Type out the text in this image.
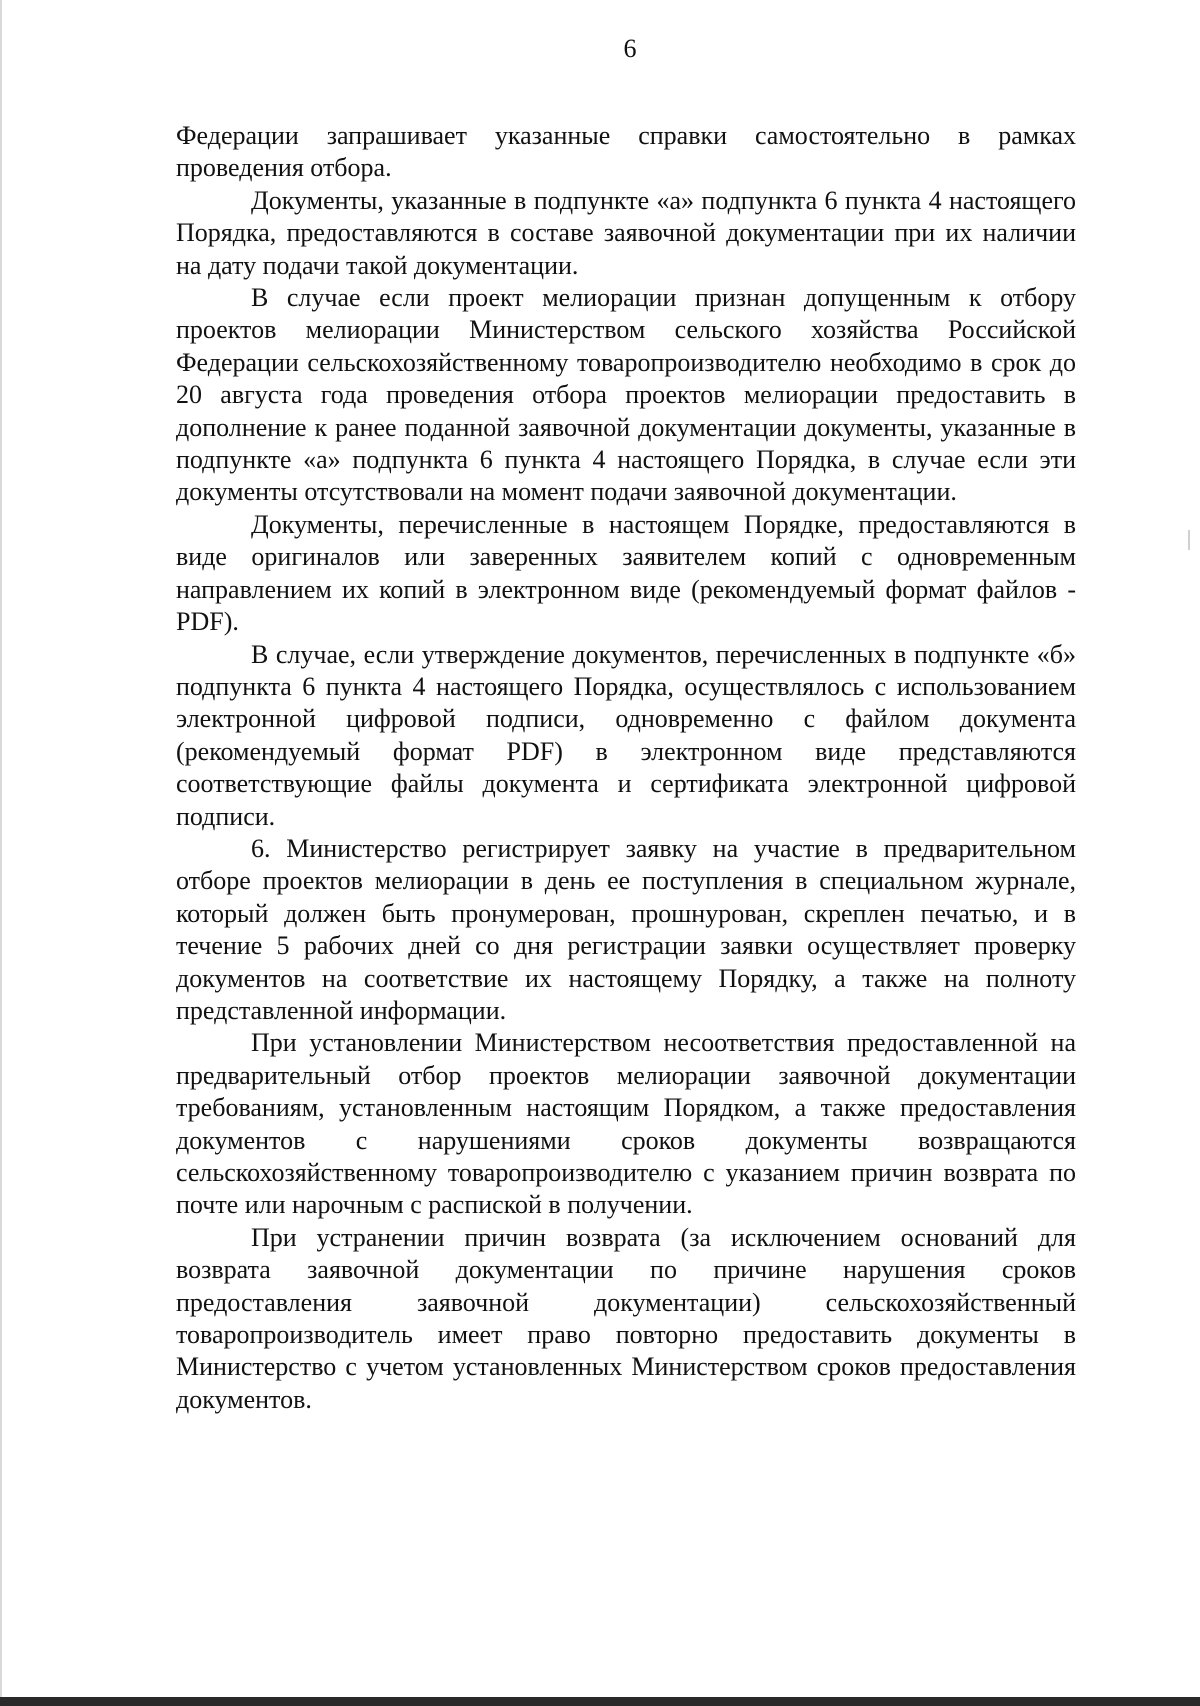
6

Федерации запрашивает указанные справки самостоятельно в рамках проведения отбора.

Документы, указанные в подпункте «а» подпункта 6 пункта 4 настоящего Порядка, предоставляются в составе заявочной документации при их наличии на дату подачи такой документации.

В случае если проект мелиорации признан допущенным к отбору проектов мелиорации Министерством сельского хозяйства Российской Федерации сельскохозяйственному товаропроизводителю необходимо в срок до 20 августа года проведения отбора проектов мелиорации предоставить в дополнение к ранее поданной заявочной документации документы, указанные в подпункте «а» подпункта 6 пункта 4 настоящего Порядка, в случае если эти документы отсутствовали на момент подачи заявочной документации.

Документы, перечисленные в настоящем Порядке, предоставляются в виде оригиналов или заверенных заявителем копий с одновременным направлением их копий в электронном виде (рекомендуемый формат файлов - PDF).

В случае, если утверждение документов, перечисленных в подпункте «б» подпункта 6 пункта 4 настоящего Порядка, осуществлялось с использованием электронной цифровой подписи, одновременно с файлом документа (рекомендуемый формат PDF) в электронном виде представляются соответствующие файлы документа и сертификата электронной цифровой подписи.

6. Министерство регистрирует заявку на участие в предварительном отборе проектов мелиорации в день ее поступления в специальном журнале, который должен быть пронумерован, прошнурован, скреплен печатью, и в течение 5 рабочих дней со дня регистрации заявки осуществляет проверку документов на соответствие их настоящему Порядку, а также на полноту представленной информации.

При установлении Министерством несоответствия предоставленной на предварительный отбор проектов мелиорации заявочной документации требованиям, установленным настоящим Порядком, а также предоставления документов с нарушениями сроков документы возвращаются сельскохозяйственному товаропроизводителю с указанием причин возврата по почте или нарочным с распиской в получении.

При устранении причин возврата (за исключением оснований для возврата заявочной документации по причине нарушения сроков предоставления заявочной документации) сельскохозяйственный товаропроизводитель имеет право повторно предоставить документы в Министерство с учетом установленных Министерством сроков предоставления документов.
